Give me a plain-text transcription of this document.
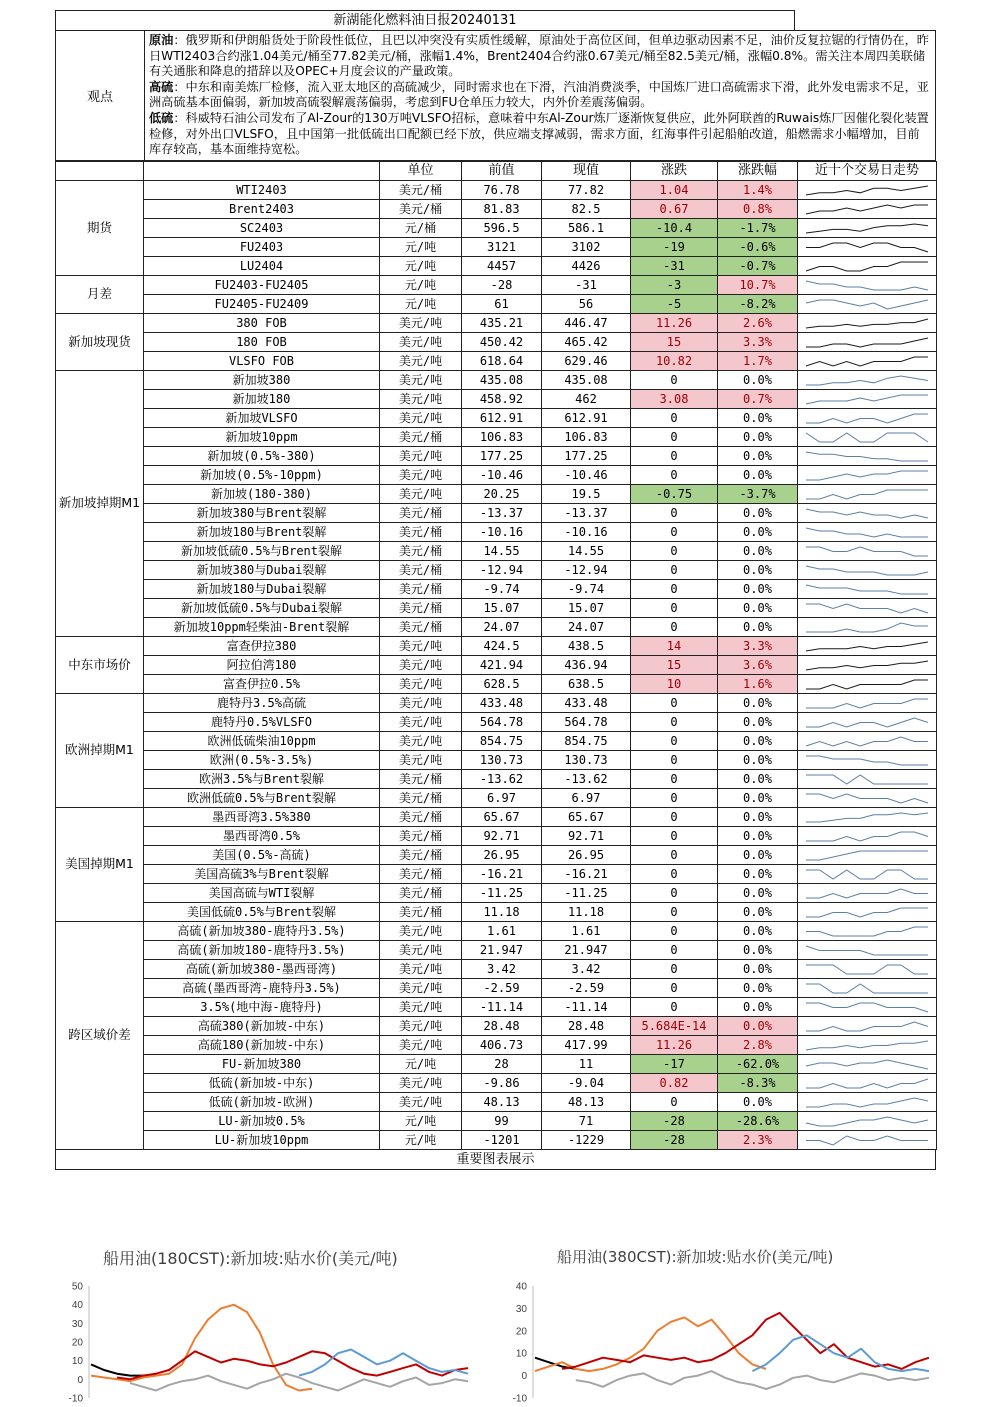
新湖能化燃料油日报20240131
观点

原油：俄罗斯和伊朗船货处于阶段性低位，且巴以冲突没有实质性缓解，原油处于高位区间，但单边驱动因素不足，油价反复拉锯的行情仍在，昨日WTI2403合约涨1.04美元/桶至77.82美元/桶，涨幅1.4%，Brent2404合约涨0.67美元/桶至82.5美元/桶，涨幅0.8%。需关注本周四美联储有关通胀和降息的措辞以及OPEC+月度会议的产量政策。

高硫：中东和南美炼厂检修，流入亚太地区的高硫减少，同时需求也在下滑，汽油消费淡季，中国炼厂进口高硫需求下滑，此外发电需求不足，亚洲高硫基本面偏弱，新加坡高硫裂解震荡偏弱，考虑到FU仓单压力较大，内外价差震荡偏弱。

低硫：科威特石油公司发布了Al-Zour的130万吨VLSFO招标，意味着中东Al-Zour炼厂逐渐恢复供应，此外阿联酋的Ruwais炼厂因催化裂化装置检修，对外出口VLSFO，且中国第一批低硫出口配额已经下放，供应端支撑减弱，需求方面，红海事件引起船舶改道，船燃需求小幅增加，目前库存较高，基本面维持宽松。

		单位	前值	现值	涨跌	涨跌幅	近十个交易日走势
期货	WTI2403	美元/桶	76.78	77.82	1.04	1.4%	

	Brent2403	美元/桶	81.83	82.5	0.67	0.8%	

	SC2403	元/桶	596.5	586.1	-10.4	-1.7%	

	FU2403	元/吨	3121	3102	-19	-0.6%	

	LU2404	元/吨	4457	4426	-31	-0.7%	

月差	FU2403-FU2405	元/吨	-28	-31	-3	10.7%	

	FU2405-FU2409	元/吨	61	56	-5	-8.2%	

新加坡现货	380 FOB	美元/吨	435.21	446.47	11.26	2.6%	

	180 FOB	美元/吨	450.42	465.42	15	3.3%	

	VLSFO FOB	美元/吨	618.64	629.46	10.82	1.7%	

新加坡掉期M1	新加坡380	美元/吨	435.08	435.08	0	0.0%	

	新加坡180	美元/吨	458.92	462	3.08	0.7%	

	新加坡VLSFO	美元/吨	612.91	612.91	0	0.0%	

	新加坡10ppm	美元/桶	106.83	106.83	0	0.0%	

	新加坡(0.5%-380)	美元/吨	177.25	177.25	0	0.0%	

	新加坡(0.5%-10ppm)	美元/吨	-10.46	-10.46	0	0.0%	

	新加坡(180-380)	美元/吨	20.25	19.5	-0.75	-3.7%	

	新加坡380与Brent裂解	美元/桶	-13.37	-13.37	0	0.0%	

	新加坡180与Brent裂解	美元/桶	-10.16	-10.16	0	0.0%	

	新加坡低硫0.5%与Brent裂解	美元/桶	14.55	14.55	0	0.0%	

	新加坡380与Dubai裂解	美元/桶	-12.94	-12.94	0	0.0%	

	新加坡180与Dubai裂解	美元/桶	-9.74	-9.74	0	0.0%	

	新加坡低硫0.5%与Dubai裂解	美元/桶	15.07	15.07	0	0.0%	

	新加坡10ppm轻柴油-Brent裂解	美元/桶	24.07	24.07	0	0.0%	

中东市场价	富查伊拉380	美元/吨	424.5	438.5	14	3.3%	

	阿拉伯湾180	美元/吨	421.94	436.94	15	3.6%	

	富查伊拉0.5%	美元/吨	628.5	638.5	10	1.6%	

欧洲掉期M1	鹿特丹3.5%高硫	美元/吨	433.48	433.48	0	0.0%	

	鹿特丹0.5%VLSFO	美元/吨	564.78	564.78	0	0.0%	

	欧洲低硫柴油10ppm	美元/吨	854.75	854.75	0	0.0%	

	欧洲(0.5%-3.5%)	美元/吨	130.73	130.73	0	0.0%	

	欧洲3.5%与Brent裂解	美元/桶	-13.62	-13.62	0	0.0%	

	欧洲低硫0.5%与Brent裂解	美元/桶	6.97	6.97	0	0.0%	

美国掉期M1	墨西哥湾3.5%380	美元/桶	65.67	65.67	0	0.0%	

	墨西哥湾0.5%	美元/桶	92.71	92.71	0	0.0%	

	美国(0.5%-高硫)	美元/桶	26.95	26.95	0	0.0%	

	美国高硫3%与Brent裂解	美元/桶	-16.21	-16.21	0	0.0%	

	美国高硫与WTI裂解	美元/桶	-11.25	-11.25	0	0.0%	

	美国低硫0.5%与Brent裂解	美元/桶	11.18	11.18	0	0.0%	

跨区域价差	高硫(新加坡380-鹿特丹3.5%)	美元/吨	1.61	1.61	0	0.0%	

	高硫(新加坡180-鹿特丹3.5%)	美元/吨	21.947	21.947	0	0.0%	

	高硫(新加坡380-墨西哥湾)	美元/吨	3.42	3.42	0	0.0%	

	高硫(墨西哥湾-鹿特丹3.5%)	美元/吨	-2.59	-2.59	0	0.0%	

	3.5%(地中海-鹿特丹)	美元/吨	-11.14	-11.14	0	0.0%	

	高硫380(新加坡-中东)	美元/吨	28.48	28.48	5.684E-14	0.0%	

	高硫180(新加坡-中东)	美元/吨	406.73	417.99	11.26	2.8%	

	FU-新加坡380	元/吨	28	11	-17	-62.0%	

	低硫(新加坡-中东)	美元/吨	-9.86	-9.04	0.82	-8.3%	

	低硫(新加坡-欧洲)	美元/吨	48.13	48.13	0	0.0%	

	LU-新加坡0.5%	元/吨	99	71	-28	-28.6%	

	LU-新加坡10ppm	元/吨	-1201	-1229	-28	2.3%	
重要图表展示
船用油(180CST):新加坡:贴水价(美元/吨)
50
40
30
20
10
0
-10
船用油(380CST):新加坡:贴水价(美元/吨)
40
30
20
10
0
-10
